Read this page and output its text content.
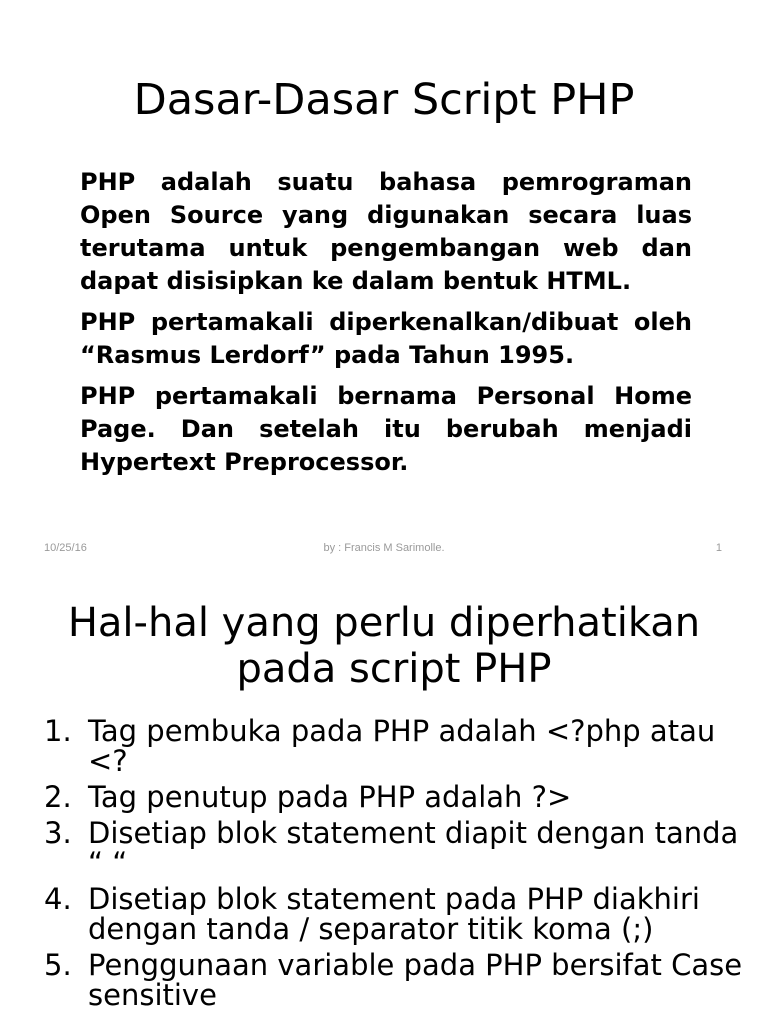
Dasar-Dasar Script PHP

PHP adalah suatu bahasa pemrograman Open Source yang digunakan secara luas terutama untuk pengembangan web dan dapat disisipkan ke dalam bentuk HTML.

PHP pertamakali diperkenalkan/dibuat oleh “Rasmus Lerdorf” pada Tahun 1995.

PHP pertamakali bernama Personal Home Page. Dan setelah itu berubah menjadi Hypertext Preprocessor.

10/25/16	by : Francis M Sarimolle.	1
Hal-hal yang perlu diperhatikan
pada script PHP
1. Tag pembuka pada PHP adalah <?php atau <?
2. Tag penutup pada PHP adalah ?>
3. Disetiap blok statement diapit dengan tanda “ “
4. Disetiap blok statement pada PHP diakhiri dengan tanda / separator titik koma (;)
5. Penggunaan variable pada PHP bersifat Case sensitive
